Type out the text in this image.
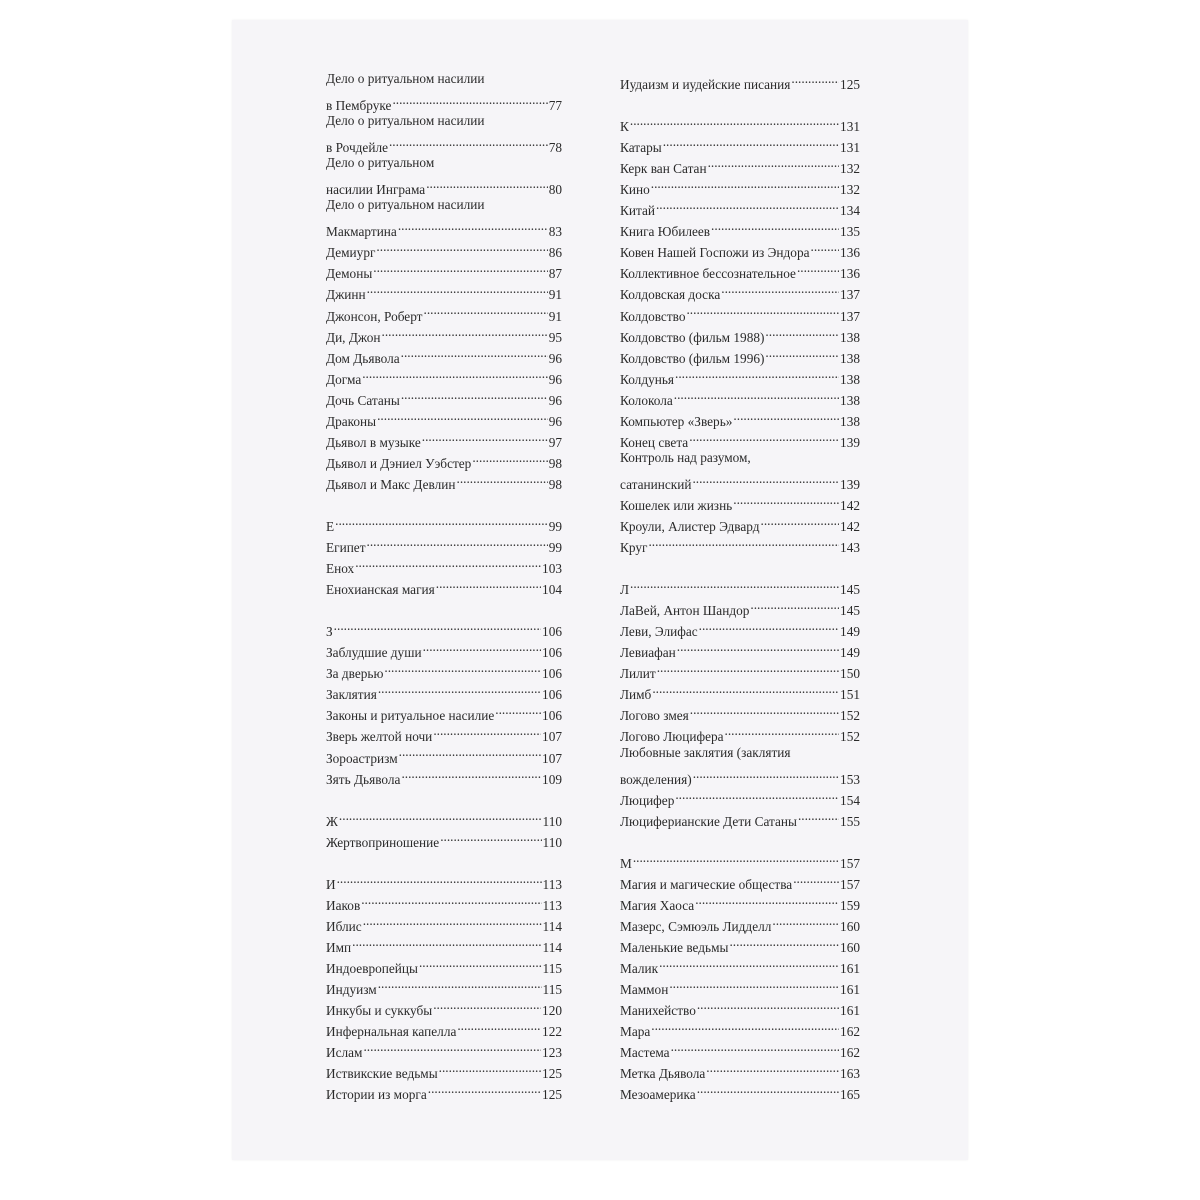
Дело о ритуальном насилии
в Пембруке .....	77
Дело о ритуальном насилии
в Рочдейле .....	78
Дело о ритуальном
насилии Инграма .....	80
Дело о ритуальном насилии
Макмартина .....	83
Демиург .....	86
Демоны .....	87
Джинн .....	91
Джонсон, Роберт .....	91
Ди, Джон .....	95
Дом Дьявола .....	96
Догма .....	96
Дочь Сатаны .....	96
Драконы .....	96
Дьявол в музыке .....	97
Дьявол и Дэниел Уэбстер .....	98
Дьявол и Макс Девлин .....	98
Е .....	99
Египет .....	99
Енох .....	103
Енохианская магия .....	104
З .....	106
Заблудшие души .....	106
За дверью .....	106
Заклятия .....	106
Законы и ритуальное насилие .....	106
Зверь желтой ночи .....	107
Зороастризм .....	107
Зять Дьявола .....	109
Ж .....	110
Жертвоприношение .....	110
И .....	113
Иаков .....	113
Иблис .....	114
Имп .....	114
Индоевропейцы .....	115
Индуизм .....	115
Инкубы и суккубы .....	120
Инфернальная капелла .....	122
Ислам .....	123
Иствикские ведьмы .....	125
Истории из морга .....	125
Иудаизм и иудейские писания .....	125
К .....	131
Катары .....	131
Керк ван Сатан .....	132
Кино .....	132
Китай .....	134
Книга Юбилеев .....	135
Ковен Нашей Госпожи из Эндора ..... 136
Коллективное бессознательное .....	136
Колдовская доска .....	137
Колдовство .....	137
Колдовство (фильм 1988) .....	138
Колдовство (фильм 1996) .....	138
Колдунья .....	138
Колокола .....	138
Компьютер «Зверь» .....	138
Конец света .....	139
Контроль над разумом,
сатанинский .....	139
Кошелек или жизнь .....	142
Кроули, Алистер Эдвард .....	142
Круг .....	143
Л .....	145
ЛаВей, Антон Шандор .....	145
Леви, Элифас .....	149
Левиафан .....	149
Лилит .....	150
Лимб .....	151
Логово змея .....	152
Логово Люцифера .....	152
Любовные заклятия (заклятия
вожделения) .....	153
Люцифер .....	154
Люциферианские Дети Сатаны .....	155
М .....	157
Магия и магические общества .....	157
Магия Хаоса .....	159
Мазерс, Сэмюэль Лидделл .....	160
Маленькие ведьмы .....	160
Малик .....	161
Маммон .....	161
Манихейство .....	161
Мара .....	162
Мастема .....	162
Метка Дьявола .....	163
Мезоамерика .....	165
